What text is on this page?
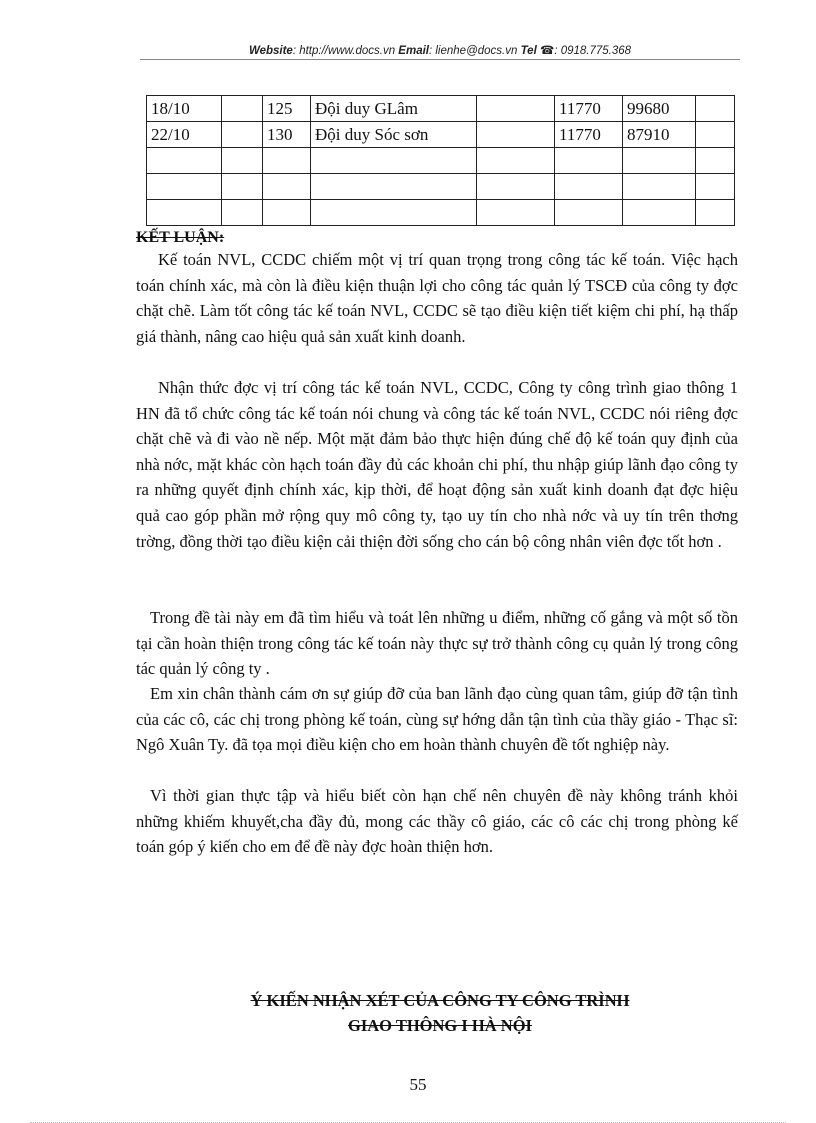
Website: http://www.docs.vn Email: lienhe@docs.vn Tel ☎: 0918.775.368
18/10		125	Đội duy GLâm		11770	99680	
22/10		130	Đội duy Sóc sơn		11770	87910	

KẾT LUẬN:
Kế toán NVL, CCDC chiếm một vị trí quan trọng trong công tác kế toán. Việc hạch toán chính xác, mà còn là điều kiện thuận lợi cho công tác quản lý TSCĐ của công ty đợc chặt chẽ. Làm tốt công tác kế toán NVL, CCDC sẽ tạo điều kiện tiết kiệm chi phí, hạ thấp giá thành, nâng cao hiệu quả sản xuất kinh doanh.
Nhận thức đợc vị trí công tác kế toán NVL, CCDC, Công ty công trình giao thông 1 HN đã tổ chức công tác kế toán nói chung và công tác kế toán NVL, CCDC nói riêng đợc chặt chẽ và đi vào nề nếp. Một mặt đảm bảo thực hiện đúng chế độ kế toán quy định của nhà nớc, mặt khác còn hạch toán đầy đủ các khoản chi phí, thu nhập giúp lãnh đạo công ty ra những quyết định chính xác, kịp thời, để hoạt động sản xuất kinh doanh đạt đợc hiệu quả cao góp phần mở rộng quy mô công ty, tạo uy tín cho nhà nớc và uy tín trên thơng trờng, đồng thời tạo điều kiện cải thiện đời sống cho cán bộ công nhân viên đợc tốt hơn .
Trong đề tài này em đã tìm hiểu và toát lên những u điểm, những cố gắng và một số tồn tại cần hoàn thiện trong công tác kế toán này thực sự trở thành công cụ quản lý trong công tác quản lý công ty .
Em xin chân thành cám ơn sự giúp đỡ của ban lãnh đạo cùng quan tâm, giúp đỡ tận tình của các cô, các chị trong phòng kế toán, cùng sự hớng dẫn tận tình của thầy giáo - Thạc sĩ: Ngô Xuân Ty. đã tọa mọi điều kiện cho em hoàn thành chuyên đề tốt nghiệp này.
Vì thời gian thực tập và hiểu biết còn hạn chế nên chuyên đề này không tránh khỏi những khiếm khuyết,cha đầy đủ, mong các thầy cô giáo, các cô các chị trong phòng kế toán góp ý kiến cho em để đề này đợc hoàn thiện hơn.
Ý KIẾN NHẬN XÉT CỦA CÔNG TY CÔNG TRÌNH
GIAO THÔNG I HÀ NỘI
55
